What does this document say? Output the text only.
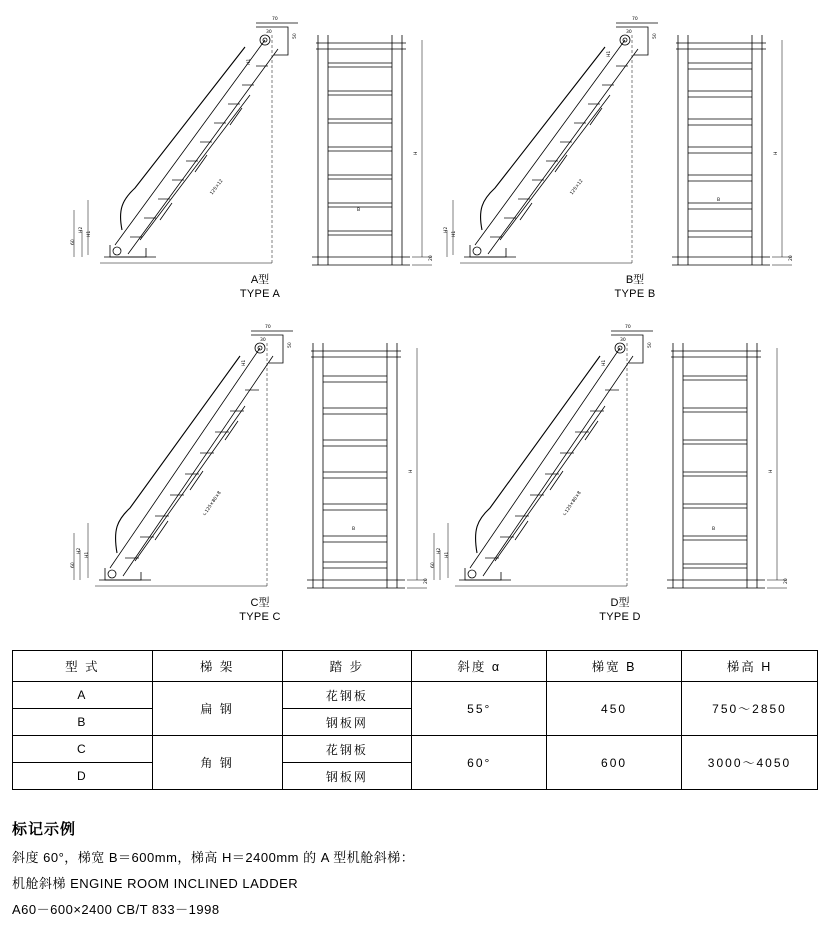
125×12
H
B
H1
H2
H1
60
50
70
30
20
A型
TYPE A
125×12
H
B
H1
H2
H1
50
70
30
20
B型
TYPE B
∟125×80×8
H
B
H1
H2
H1
60
50
70
30
20
C型
TYPE C
∟125×80×8
H
B
H1
H2
H1
60
50
70
30
20
D型
TYPE D
型 式	梯 架	踏 步	斜度 α	梯宽 B	梯高 H
A	扁 钢	花钢板	55°	450	750～2850
B		钢板网			
C	角 钢	花钢板	60°	600	3000～4050
D		钢板网			
标记示例

斜度 60°，梯宽 B＝600mm，梯高 H＝2400mm 的 A 型机舱斜梯：

机舱斜梯 ENGINE ROOM INCLINED LADDER

A60－600×2400 CB/T 833－1998
